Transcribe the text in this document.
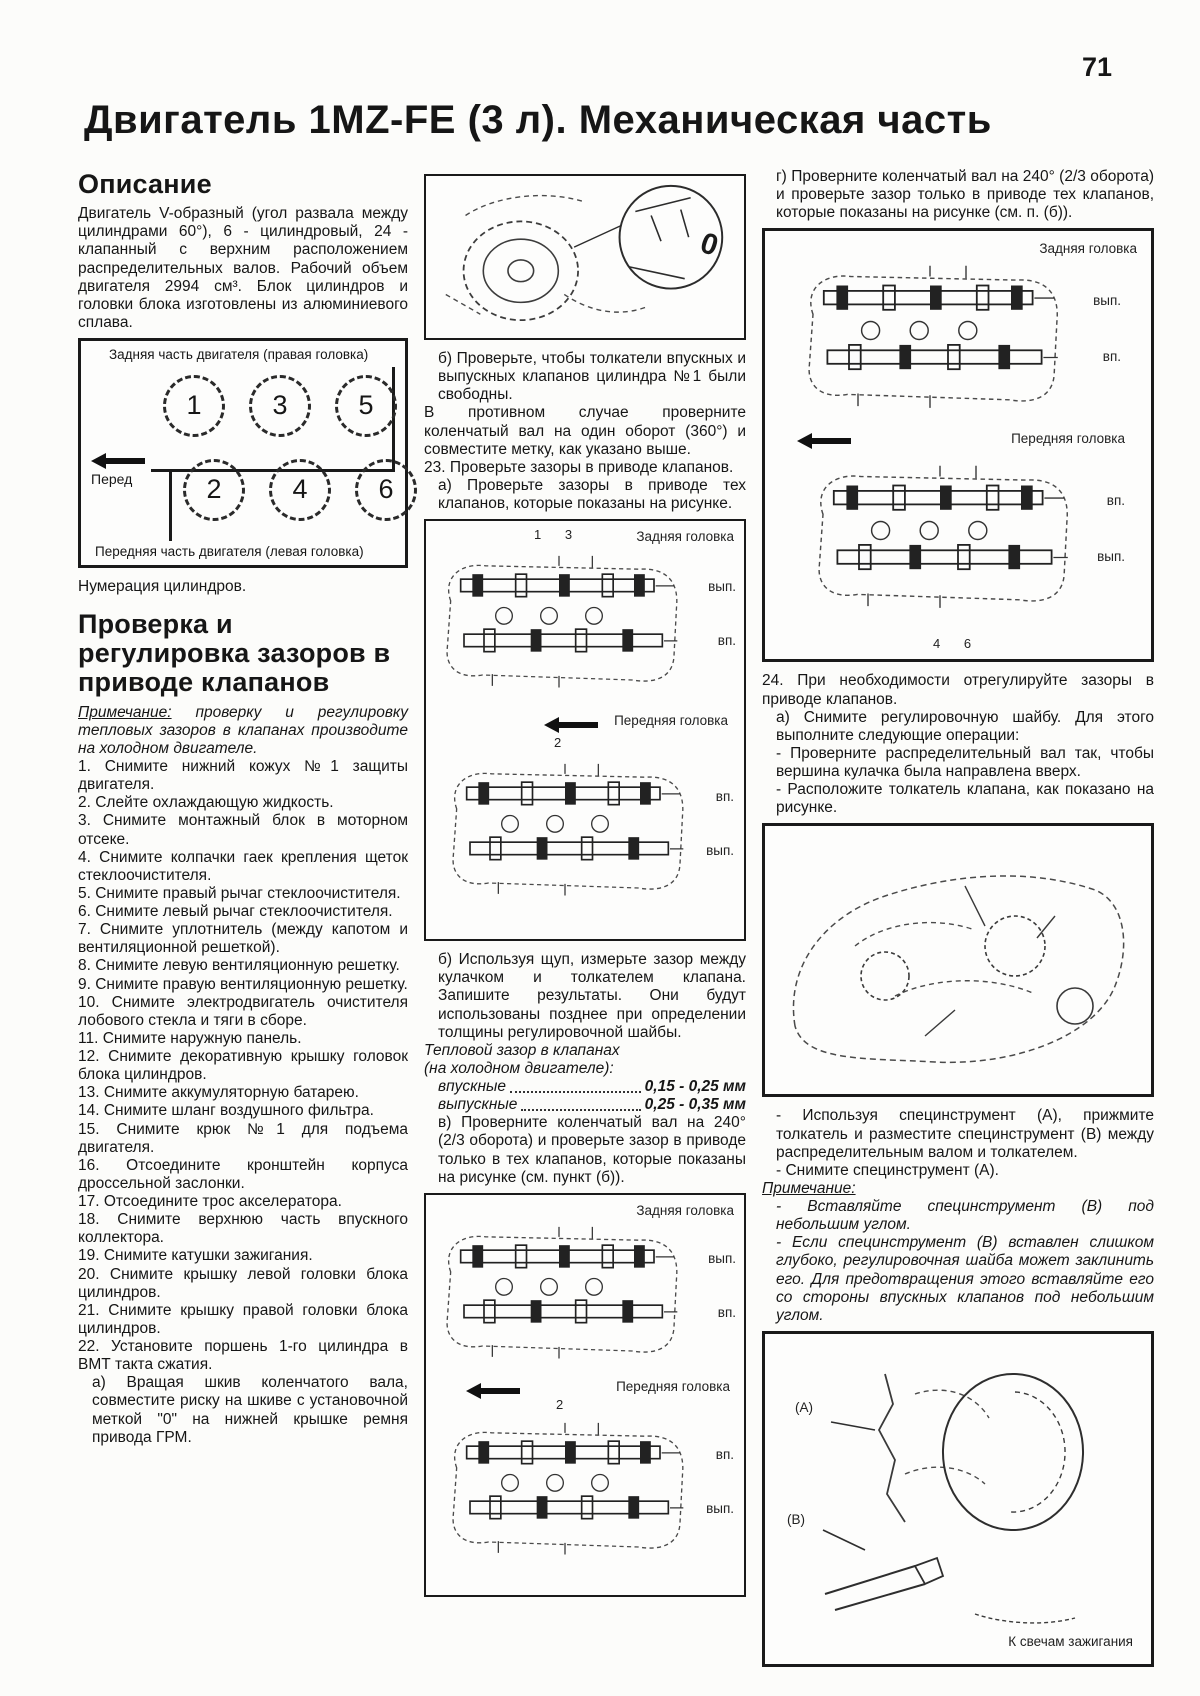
71
Двигатель 1MZ-FE (3 л). Механическая часть
Описание

Двигатель V-образный (угол развала между цилиндрами 60°), 6 - цилиндровый, 24 - клапанный с верхним расположением распределительных валов. Рабочий объем двигателя 2994 см³. Блок цилиндров и головки блока изготовлены из алюминиевого сплава.

Задняя часть двигателя (правая головка)
1	3	5
Перед	2	4	6
Передняя часть двигателя (левая головка)

Нумерация цилиндров.

Проверка и регулировка зазоров в приводе клапанов

Примечание: проверку и регулировку тепловых зазоров в клапанах производите на холодном двигателе.

1. Снимите нижний кожух №1 защиты двигателя.

2. Слейте охлаждающую жидкость.

3. Снимите монтажный блок в моторном отсеке.

4. Снимите колпачки гаек крепления щеток стеклоочистителя.

5. Снимите правый рычаг стеклоочистителя.

6. Снимите левый рычаг стеклоочистителя.

7. Снимите уплотнитель (между капотом и вентиляционной решеткой).

8. Снимите левую вентиляционную решетку.

9. Снимите правую вентиляционную решетку.

10. Снимите электродвигатель очистителя лобового стекла и тяги в сборе.

11. Снимите наружную панель.

12. Снимите декоративную крышку головок блока цилиндров.

13. Снимите аккумуляторную батарею.

14. Снимите шланг воздушного фильтра.

15. Снимите крюк №1 для подъема двигателя.

16. Отсоедините кронштейн корпуса дроссельной заслонки.

17. Отсоедините трос акселератора.

18. Снимите верхнюю часть впускного коллектора.

19. Снимите катушки зажигания.

20. Снимите крышку левой головки блока цилиндров.

21. Снимите крышку правой головки блока цилиндров.

22. Установите поршень 1-го цилиндра в ВМТ такта сжатия.

а) Вращая шкив коленчатого вала, совместите риску на шкиве с установочной меткой "0" на нижней крышке ремня привода ГРМ.

0

б) Проверьте, чтобы толкатели впускных и выпускных клапанов цилиндра №1 были свободны.

В противном случае проверните коленчатый вал на один оборот (360°) и совместите метку, как указано выше.

23. Проверьте зазоры в приводе клапанов.

а) Проверьте зазоры в приводе тех клапанов, которые показаны на рисунке.

Задняя головка
1 3
вып.
вп.
Передняя головка
2
вп.
вып.

б) Используя щуп, измерьте зазор между кулачком и толкателем клапана. Запишите результаты. Они будут использованы позднее при определении толщины регулировочной шайбы.

Тепловой зазор в клапанах

(на холодном двигателе):

впускные	0,15 - 0,25 мм
выпускные	0,25 - 0,35 мм

в) Проверните коленчатый вал на 240° (2/3 оборота) и проверьте зазор в приводе только в тех клапанов, которые показаны на рисунке (см. пункт (б)).

Задняя головка
вып.
вп.
Передняя головка
2
вп.
вып.

г) Проверните коленчатый вал на 240° (2/3 оборота) и проверьте зазор только в приводе тех клапанов, которые показаны на рисунке (см. п. (б)).

Задняя головка
вып.
вп.
Передняя головка
вп.
вып.
4 6

24. При необходимости отрегулируйте зазоры в приводе клапанов.

а) Снимите регулировочную шайбу. Для этого выполните следующие операции:

- Проверните распределительный вал так, чтобы вершина кулачка была направлена вверх.

- Расположите толкатель клапана, как показано на рисунке.

- Используя специнструмент (А), прижмите толкатель и разместите специнструмент (В) между распределительным валом и толкателем.

- Снимите специнструмент (А).

Примечание:

- Вставляйте специнструмент (В) под небольшим углом.

- Если специнструмент (В) вставлен слишком глубоко, регулировочная шайба может заклинить его. Для предотвращения этого вставляйте его со стороны впускных клапанов под небольшим углом.

(А)
(В)
К свечам зажигания
